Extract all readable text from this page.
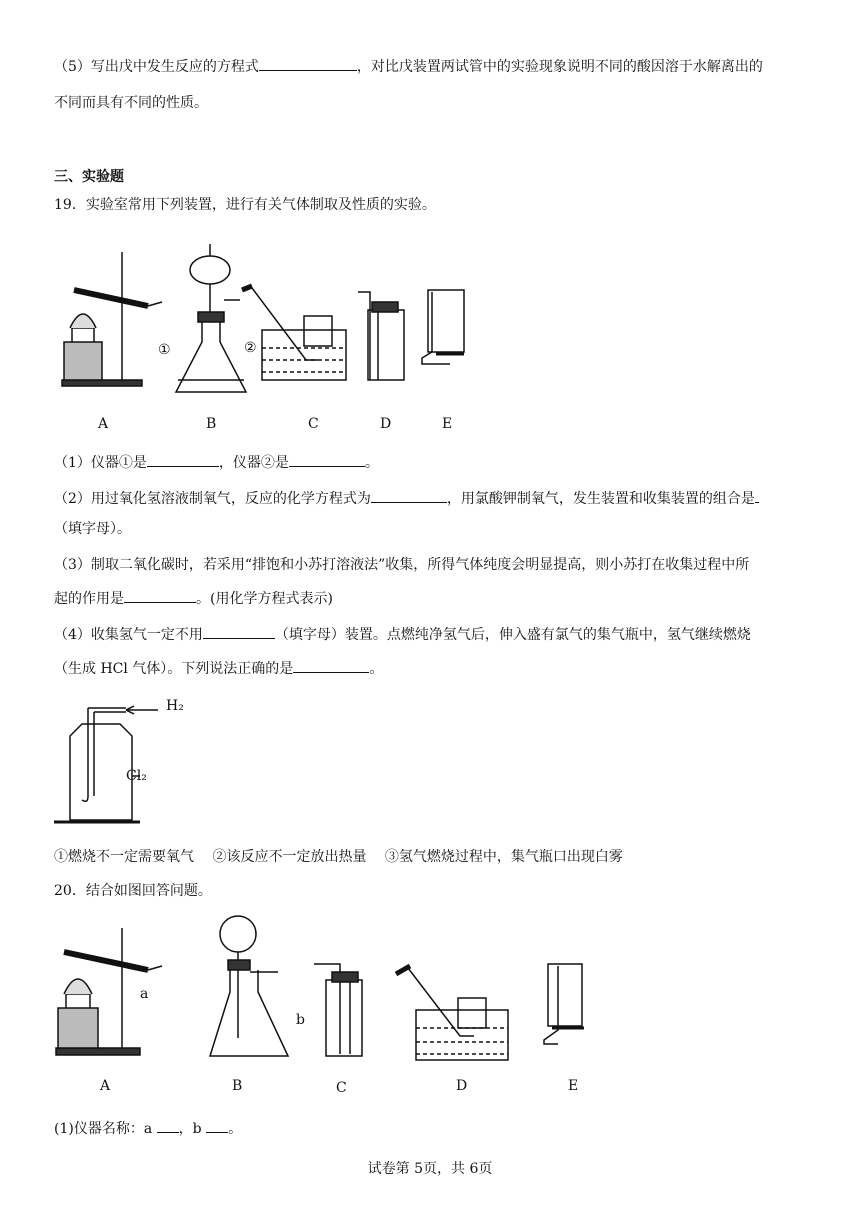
（5）写出戊中发生反应的方程式	，对比戊装置两试管中的实验现象说明不同的酸因溶于水解离出的
不同而具有不同的性质。
三、实验题
19．实验室常用下列装置，进行有关气体制取及性质的实验。
①	②
A	B	C	D	E
（1）仪器①是	，仪器②是	。
（2）用过氧化氢溶液制氧气，反应的化学方程式为	，用氯酸钾制氧气，发生装置和收集装置的组合是
（填字母）。
（3）制取二氧化碳时，若采用“排饱和小苏打溶液法”收集，所得气体纯度会明显提高，则小苏打在收集过程中所
起的作用是	。(用化学方程式表示)
（4）收集氢气一定不用	（填字母）装置。点燃纯净氢气后，伸入盛有氯气的集气瓶中，氢气继续燃烧
（生成 HCl 气体）。下列说法正确的是	。
H₂
Cl₂
①燃烧不一定需要氧气　 ②该反应不一定放出热量　 ③氢气燃烧过程中，集气瓶口出现白雾
20．结合如图回答问题。
a
b
A	B	C	D	E
(1)仪器名称：a ，b 。
试卷第 5页，共 6页
